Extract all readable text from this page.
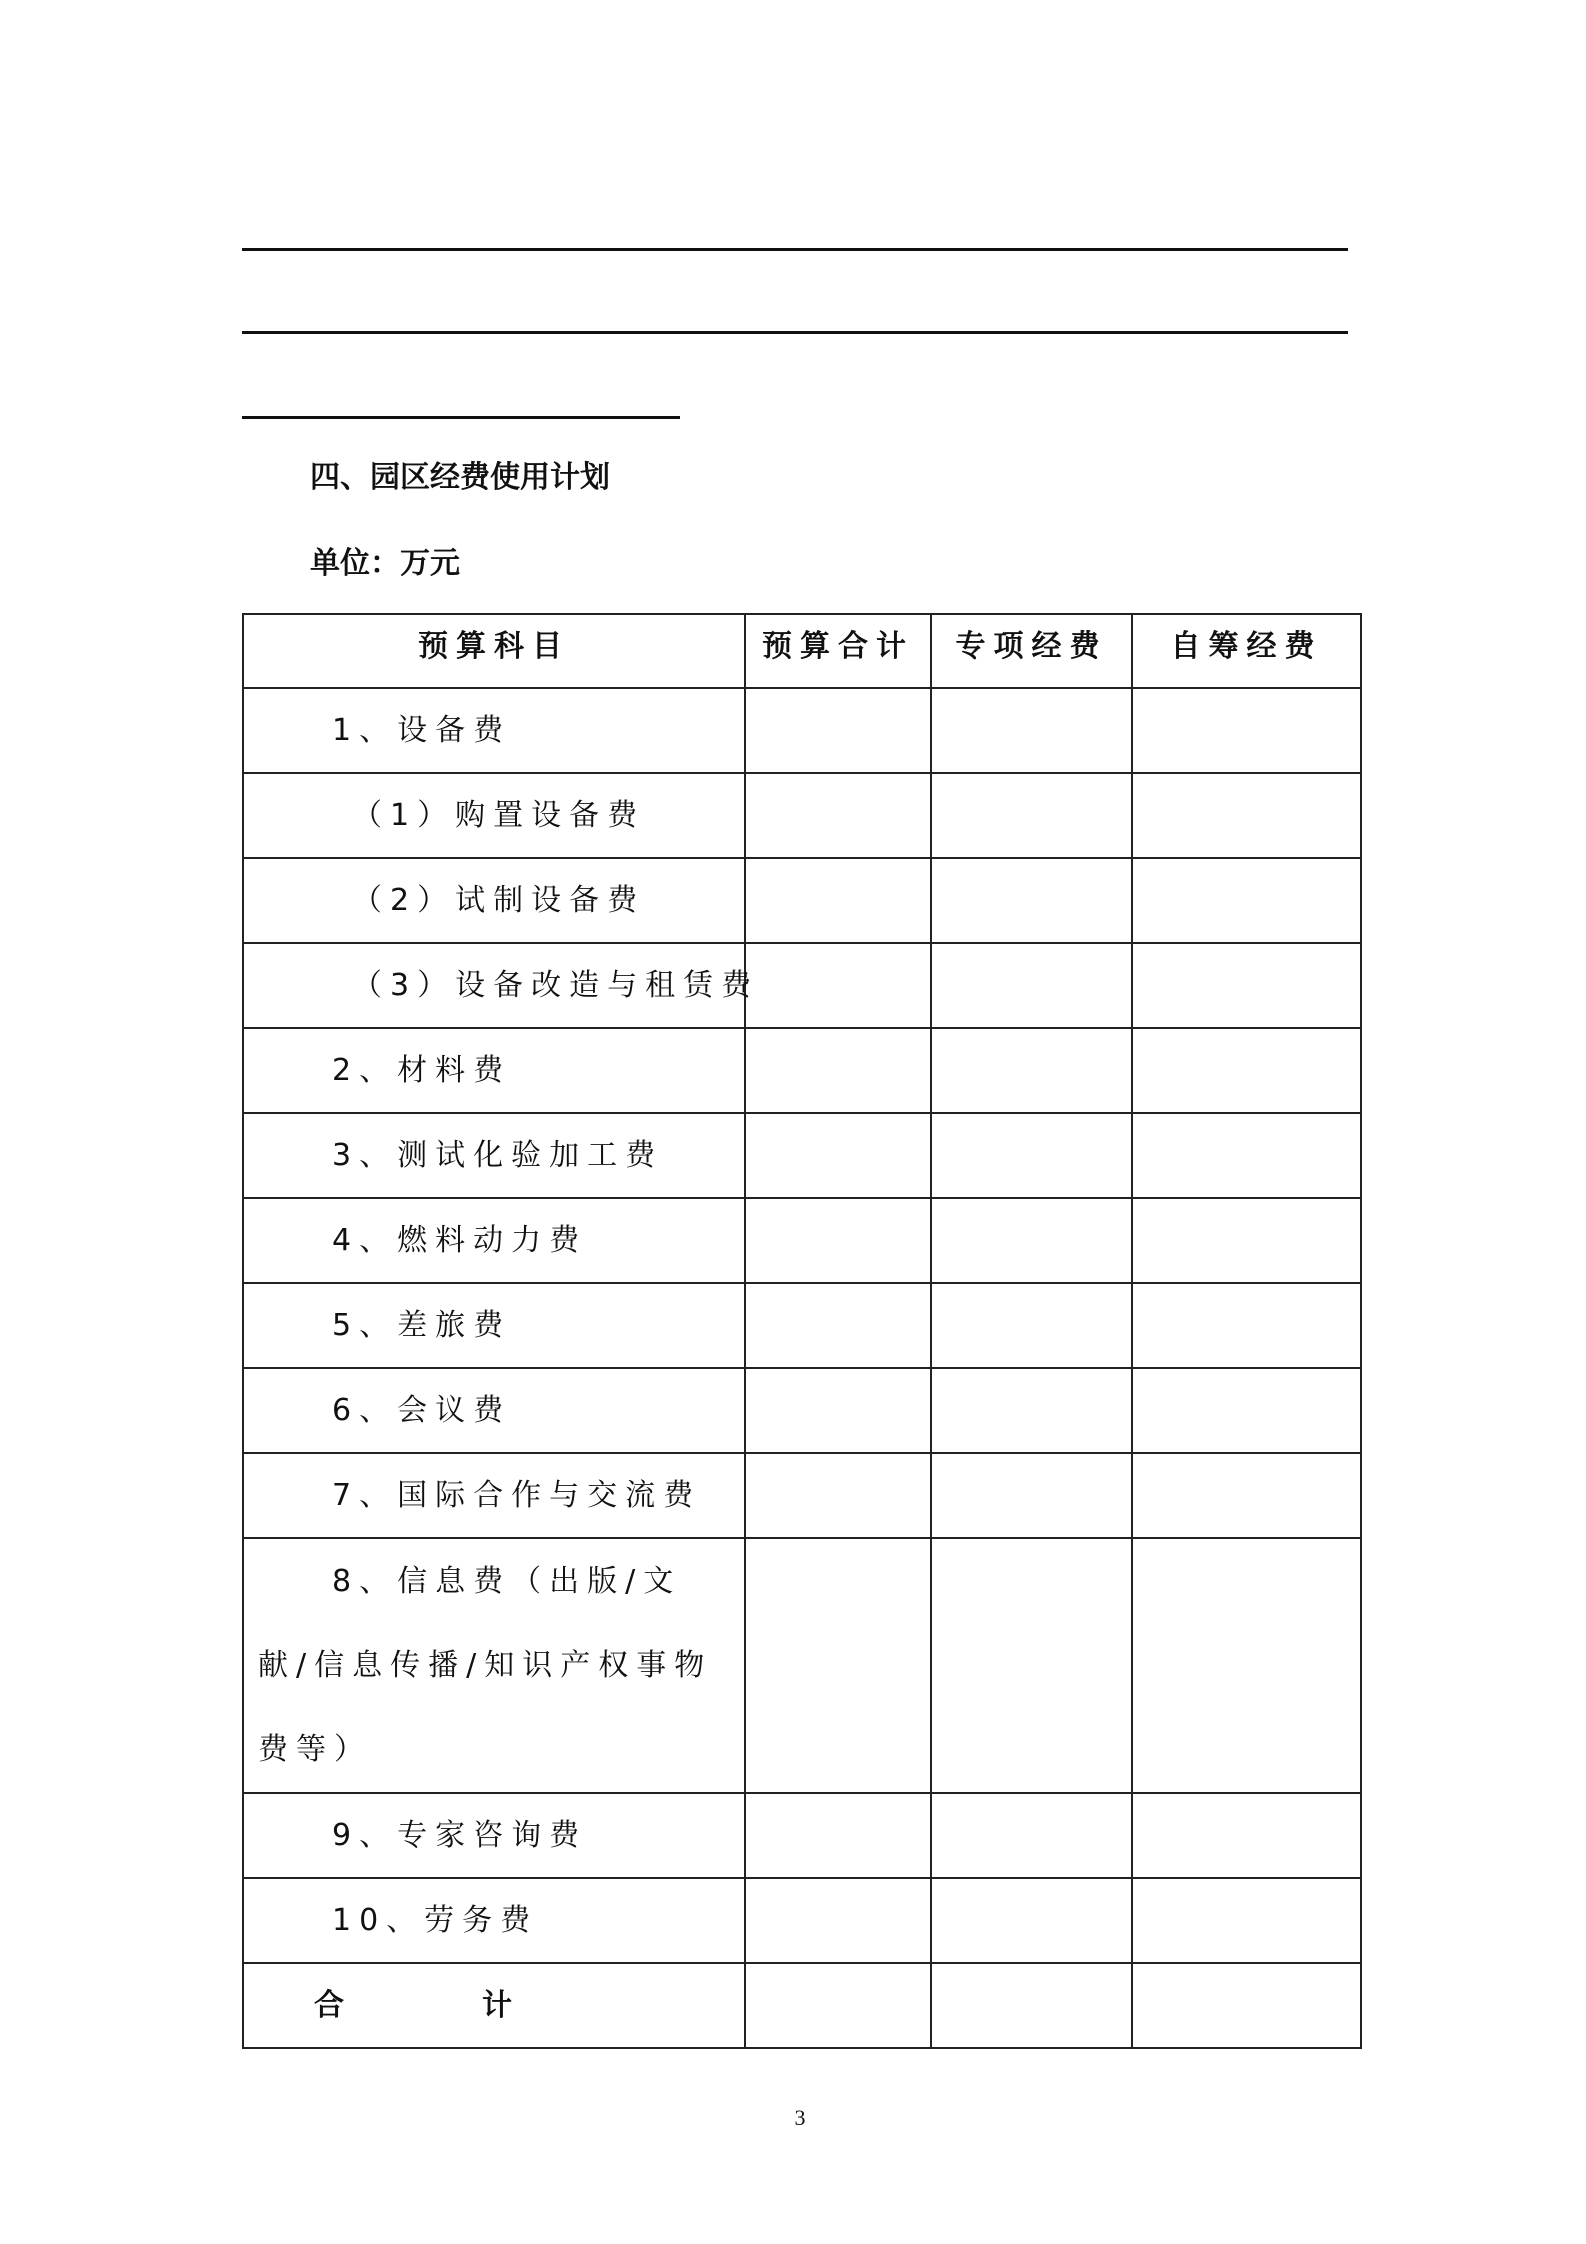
四、园区经费使用计划
单位：万元
预算科目	预算合计	专项经费	自筹经费
1、设备费			
（1）购置设备费			
（2）试制设备费			
（3）设备改造与租赁费			
2、材料费			
3、测试化验加工费			
4、燃料动力费			
5、差旅费			
6、会议费			
7、国际合作与交流费			
8、信息费（出版/文献/信息传播/知识产权事物费等）			
9、专家咨询费			
10、劳务费			
合 计			
3
